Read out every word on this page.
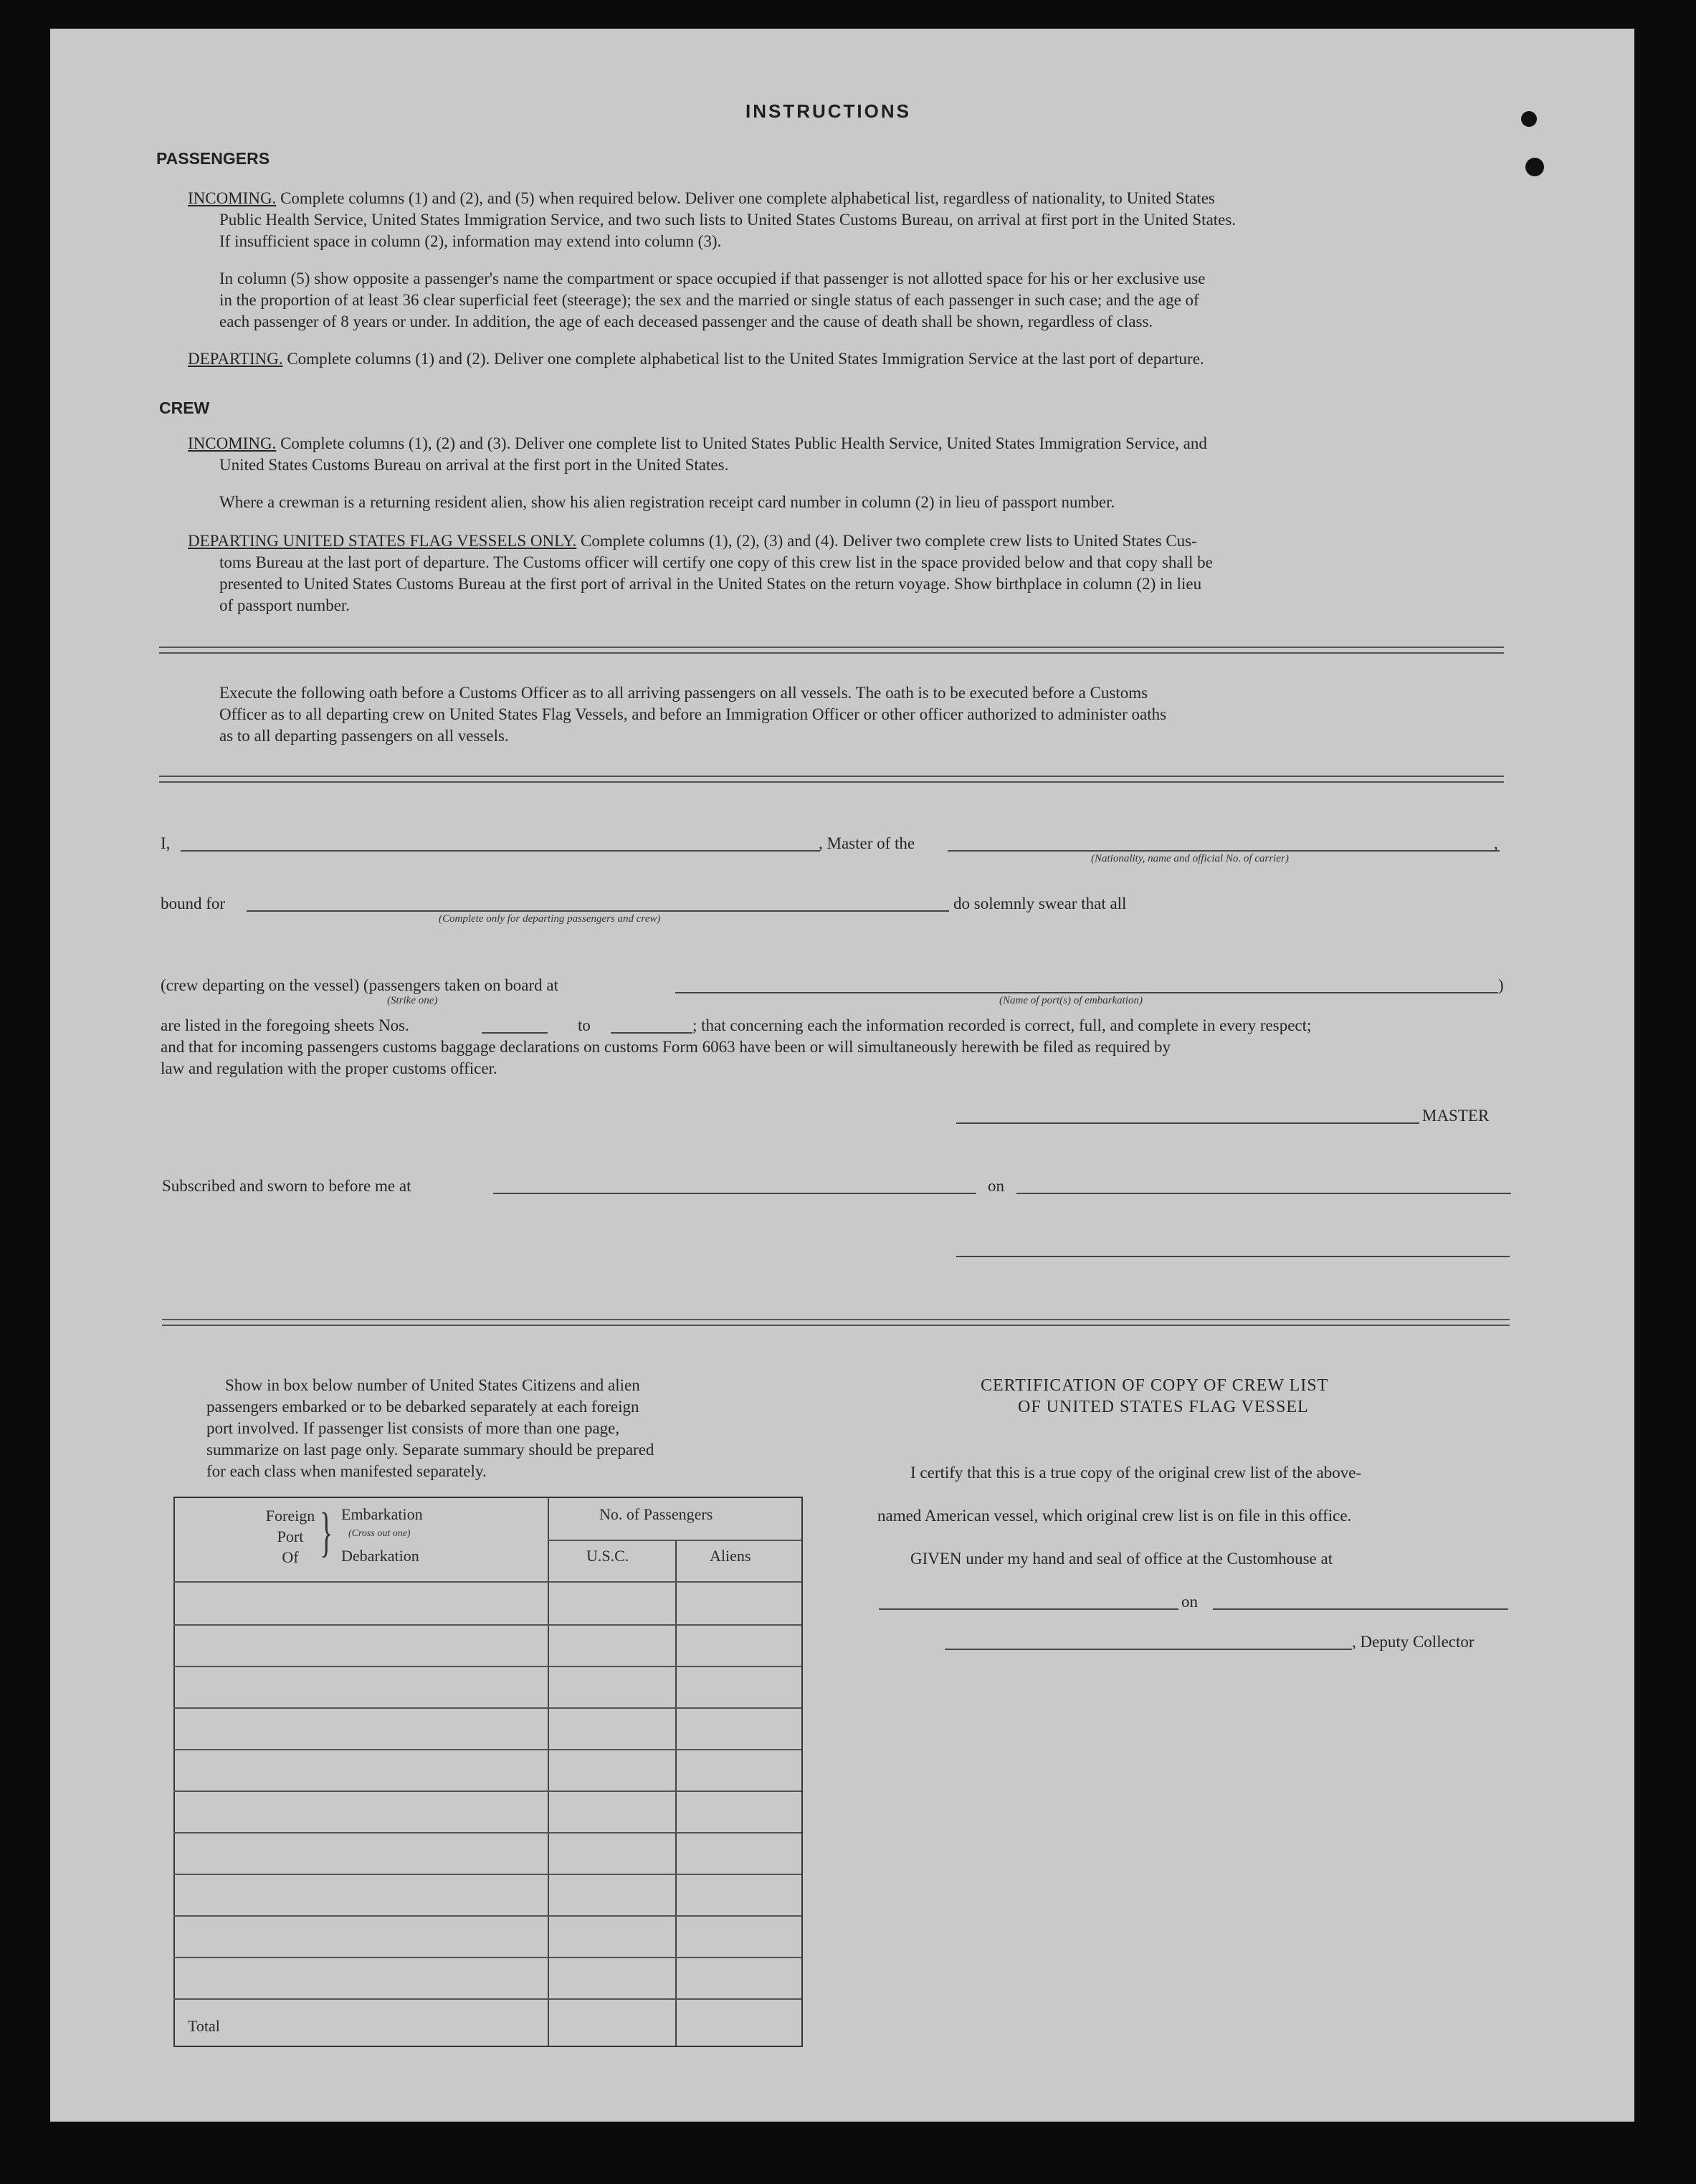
INSTRUCTIONS
PASSENGERS
INCOMING. Complete columns (1) and (2), and (5) when required below. Deliver one complete alphabetical list, regardless of nationality, to United States
Public Health Service, United States Immigration Service, and two such lists to United States Customs Bureau, on arrival at first port in the United States.
If insufficient space in column (2), information may extend into column (3).
In column (5) show opposite a passenger's name the compartment or space occupied if that passenger is not allotted space for his or her exclusive use
in the proportion of at least 36 clear superficial feet (steerage); the sex and the married or single status of each passenger in such case; and the age of
each passenger of 8 years or under. In addition, the age of each deceased passenger and the cause of death shall be shown, regardless of class.
DEPARTING. Complete columns (1) and (2). Deliver one complete alphabetical list to the United States Immigration Service at the last port of departure.
CREW
INCOMING. Complete columns (1), (2) and (3). Deliver one complete list to United States Public Health Service, United States Immigration Service, and
United States Customs Bureau on arrival at the first port in the United States.
Where a crewman is a returning resident alien, show his alien registration receipt card number in column (2) in lieu of passport number.
DEPARTING UNITED STATES FLAG VESSELS ONLY. Complete columns (1), (2), (3) and (4). Deliver two complete crew lists to United States Cus-
toms Bureau at the last port of departure. The Customs officer will certify one copy of this crew list in the space provided below and that copy shall be
presented to United States Customs Bureau at the first port of arrival in the United States on the return voyage. Show birthplace in column (2) in lieu
of passport number.
Execute the following oath before a Customs Officer as to all arriving passengers on all vessels. The oath is to be executed before a Customs
Officer as to all departing crew on United States Flag Vessels, and before an Immigration Officer or other officer authorized to administer oaths
as to all departing passengers on all vessels.
I,	, Master of the	,
(Nationality, name and official No. of carrier)
bound for	do solemnly swear that all
(Complete only for departing passengers and crew)
(crew departing on the vessel) (passengers taken on board at	)
(Strike one)	(Name of port(s) of embarkation)
are listed in the foregoing sheets Nos.	to	; that concerning each the information recorded is correct, full, and complete in every respect;
and that for incoming passengers customs baggage declarations on customs Form 6063 have been or will simultaneously herewith be filed as required by
law and regulation with the proper customs officer.
MASTER
Subscribed and sworn to before me at	on
Show in box below number of United States Citizens and alien
passengers embarked or to be debarked separately at each foreign
port involved. If passenger list consists of more than one page,
summarize on last page only. Separate summary should be prepared
for each class when manifested separately.
Foreign
Port
Of } Embarkation
(Cross out one)
Debarkation
No. of Passengers
U.S.C.	Aliens
Total
CERTIFICATION OF COPY OF CREW LIST
OF UNITED STATES FLAG VESSEL
I certify that this is a true copy of the original crew list of the above-
named American vessel, which original crew list is on file in this office.
GIVEN under my hand and seal of office at the Customhouse at
on
, Deputy Collector
